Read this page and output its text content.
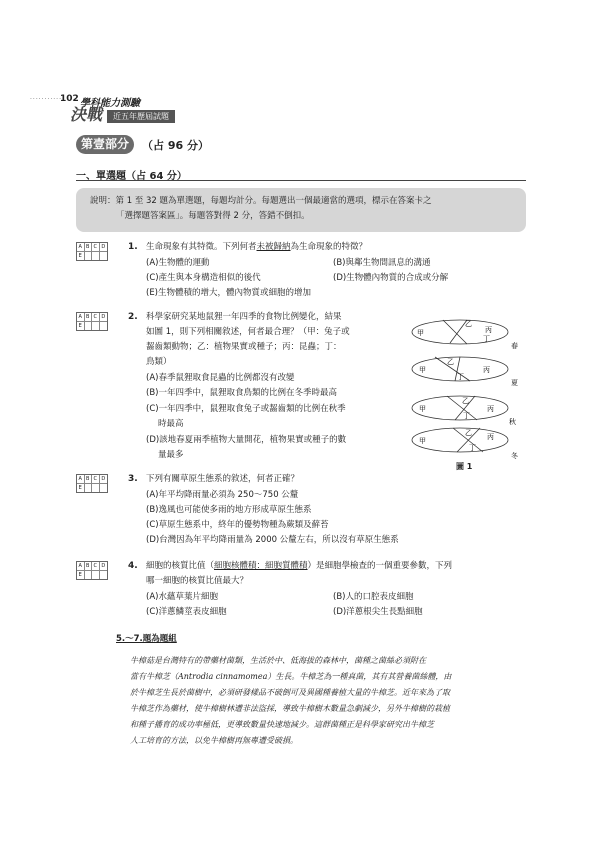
············
102 學科能力測驗
決戰	近五年歷屆試題
第壹部分	（占 96 分）
一、單選題（占 64 分）
說明：第 1 至 32 題為單選題，每題均計分。每題選出一個最適當的選項，標示在答案卡之
「選擇題答案區」。每題答對得 2 分，答錯不倒扣。
A B C D
E
1. 生命現象有其特徵。下列何者未被歸納為生命現象的特徵？
(A)生物體的運動	(B)與鄰生物間訊息的溝通
(C)產生與本身構造相似的後代	(D)生物體內物質的合成或分解
(E)生物體積的增大，體內物質或細胞的增加
A B C D
E
2. 科學家研究某地鼠狸一年四季的食物比例變化，結果
如圖 1，則下列相關敘述，何者最合理？（甲：兔子或
齧齒類動物；乙：植物果實或種子；丙：昆蟲；丁：
鳥類）
(A)春季鼠狸取食昆蟲的比例都沒有改變
(B)一年四季中，鼠狸取食鳥類的比例在冬季時最高
(C)一年四季中，鼠狸取食兔子或齧齒類的比例在秋季
時最高
(D)該地春夏兩季植物大量開花，植物果實或種子的數
量最多
甲
乙
丙
丁
春
甲
乙
丙
丁
夏
甲
乙
丙
丁
秋
甲
乙 丙
丁
冬
圖 1
A B C D
E
3. 下列有關草原生態系的敘述，何者正確？
(A)年平均降雨量必須為 250～750 公釐
(B)逸風也可能使多雨的地方形成草原生態系
(C)草原生態系中，終年的優勢物種為蕨類及蘚苔
(D)台灣因為年平均降雨量為 2000 公釐左右，所以沒有草原生態系
A B C D
E
4. 細胞的核質比值（細胞核體積：細胞質體積）是細胞學檢查的一個重要參數，下列
哪一細胞的核質比值最大？
(A)水蘊草葉片細胞	(B)人的口腔表皮細胞
(C)洋蔥鱗莖表皮細胞	(D)洋蔥根尖生長點細胞
5.～7.題為題組
牛樟菇是台灣特有的帶藥材菌類，生活於中、低海拔的森林中，菌種之菌絲必須附在
當有牛樟芝（Antrodia cinnamomea）生長。牛樟芝為一種真菌，其有其營養菌絲體，由
於牛樟芝生長於菌樹中，必須研發樣品不破倒可及異國種養植大量的牛樟芝。近年來為了取
牛樟芝作為藥材，使牛樟樹林遭非法盜採，導致牛樟樹木數量急劇減少，另外牛樟樹的栽植
和種子播育的成功率極低，更導致數量快速地減少。這群菌種正是科學家研究出牛樟芝
人工培育的方法，以免牛樟樹再無專遭受破損。
